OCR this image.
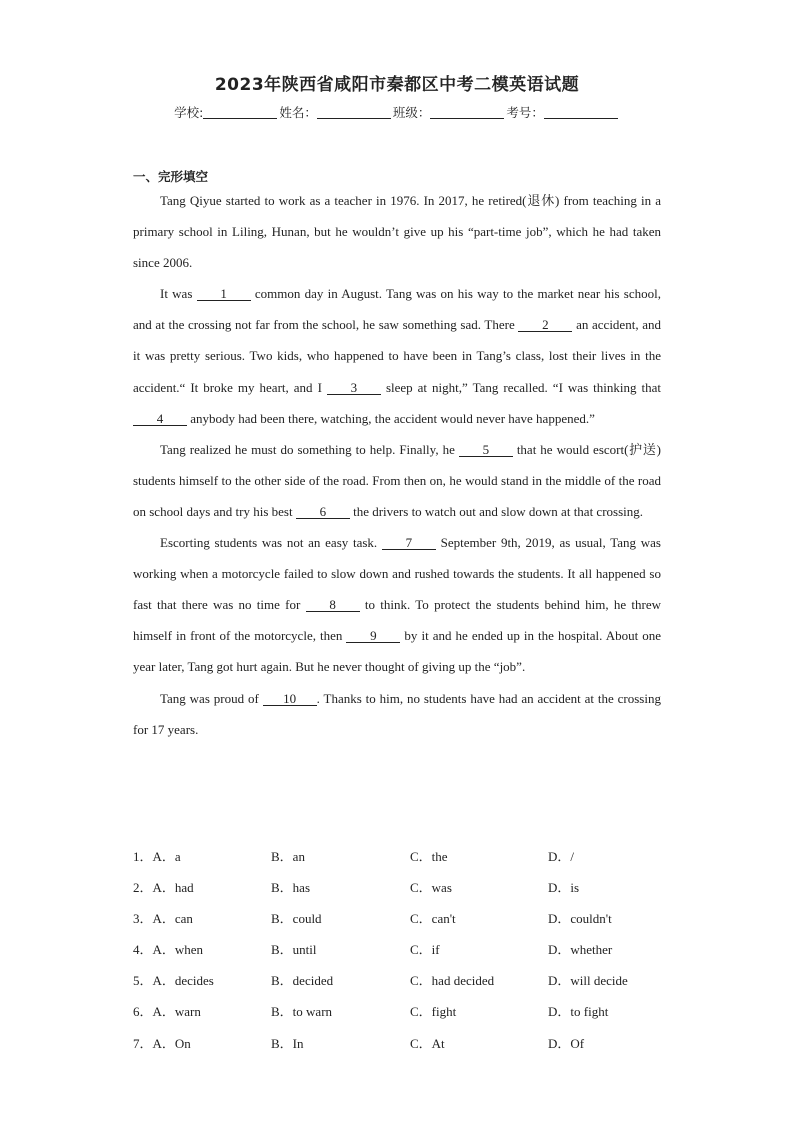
2023年陕西省咸阳市秦都区中考二模英语试题
学校:	姓名：	班级：	考号：
一、完形填空

Tang Qiyue started to work as a teacher in 1976. In 2017, he retired(退休) from teaching in a primary school in Liling, Hunan, but he wouldn’t give up his “part-time job”, which he had taken since 2006.

It was 1 common day in August. Tang was on his way to the market near his school, and at the crossing not far from the school, he saw something sad. There 2 an accident, and it was pretty serious. Two kids, who happened to have been in Tang’s class, lost their lives in the accident.“ It broke my heart, and I 3 sleep at night,” Tang recalled. “I was thinking that 4 anybody had been there, watching, the accident would never have happened.”

Tang realized he must do something to help. Finally, he 5 that he would escort(护送) students himself to the other side of the road. From then on, he would stand in the middle of the road on school days and try his best 6 the drivers to watch out and slow down at that crossing.

Escorting students was not an easy task. 7 September 9th, 2019, as usual, Tang was working when a motorcycle failed to slow down and rushed towards the students. It all happened so fast that there was no time for 8 to think. To protect the students behind him, he threw himself in front of the motorcycle, then 9 by it and he ended up in the hospital. About one year later, Tang got hurt again. But he never thought of giving up the “job”.

Tang was proud of 10 . Thanks to him, no students have had an accident at the crossing for 17 years.

1．A．a	B．an	C．the	D．/
2．A．had	B．has	C．was	D．is
3．A．can	B．could	C．can't	D．couldn't
4．A．when	B．until	C．if	D．whether
5．A．decides	B．decided	C．had decided	D．will decide
6．A．warn	B．to warn	C．fight	D．to fight
7．A．On	B．In	C．At	D．Of
